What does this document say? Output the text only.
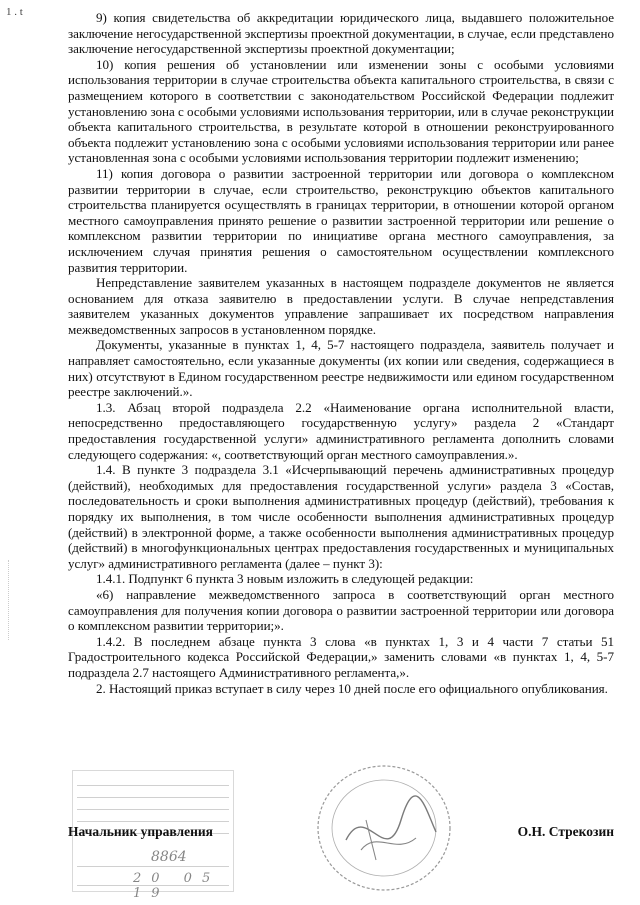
1 . t	9) копия свидетельства об аккредитации юридического лица, выдавшего положительное заключение негосударственной экспертизы проектной документации, в случае, если представлено заключение негосударственной экспертизы проектной документации;

10) копия решения об установлении или изменении зоны с особыми условиями использования территории в случае строительства объекта капитального строительства, в связи с размещением которого в соответствии с законодательством Российской Федерации подлежит установлению зона с особыми условиями использования территории, или в случае реконструкции объекта капитального строительства, в результате которой в отношении реконструированного объекта подлежит установлению зона с особыми условиями использования территории или ранее установленная зона с особыми условиями использования территории подлежит изменению;

11) копия договора о развитии застроенной территории или договора о комплексном развитии территории в случае, если строительство, реконструкцию объектов капитального строительства планируется осуществлять в границах территории, в отношении которой органом местного самоуправления принято решение о развитии застроенной территории или решение о комплексном развитии территории по инициативе органа местного самоуправления, за исключением случая принятия решения о самостоятельном осуществлении комплексного развития территории.

Непредставление заявителем указанных в настоящем подразделе документов не является основанием для отказа заявителю в предоставлении услуги. В случае непредставления заявителем указанных документов управление запрашивает их посредством направления межведомственных запросов в установленном порядке.

Документы, указанные в пунктах 1, 4, 5-7 настоящего подраздела, заявитель получает и направляет самостоятельно, если указанные документы (их копии или сведения, содержащиеся в них) отсутствуют в Едином государственном реестре недвижимости или едином государственном реестре заключений.».

1.3. Абзац второй подраздела 2.2 «Наименование органа исполнительной власти, непосредственно предоставляющего государственную услугу» раздела 2 «Стандарт предоставления государственной услуги» административного регламента дополнить словами следующего содержания: «, соответствующий орган местного самоуправления.».

1.4. В пункте 3 подраздела 3.1 «Исчерпывающий перечень административных процедур (действий), необходимых для предоставления государственной услуги» раздела 3 «Состав, последовательность и сроки выполнения административных процедур (действий), требования к порядку их выполнения, в том числе особенности выполнения административных процедур (действий) в электронной форме, а также особенности выполнения административных процедур (действий) в многофункциональных центрах предоставления государственных и муниципальных услуг» административного регламента (далее – пункт 3):

1.4.1. Подпункт 6 пункта 3 новым изложить в следующей редакции:

«6) направление межведомственного запроса в соответствующий орган местного самоуправления для получения копии договора о развитии застроенной территории или договора о комплексном развитии территории;».

1.4.2. В последнем абзаце пункта 3 слова «в пунктах 1, 3 и 4 части 7 статьи 51 Градостроительного кодекса Российской Федерации,» заменить словами «в пунктах 1, 4, 5-7 подраздела 2.7 настоящего Административного регламента,».

2. Настоящий приказ вступает в силу через 10 дней после его официального опубликования.

8864
20 05 19
Начальник управления	О.Н. Стрекозин
